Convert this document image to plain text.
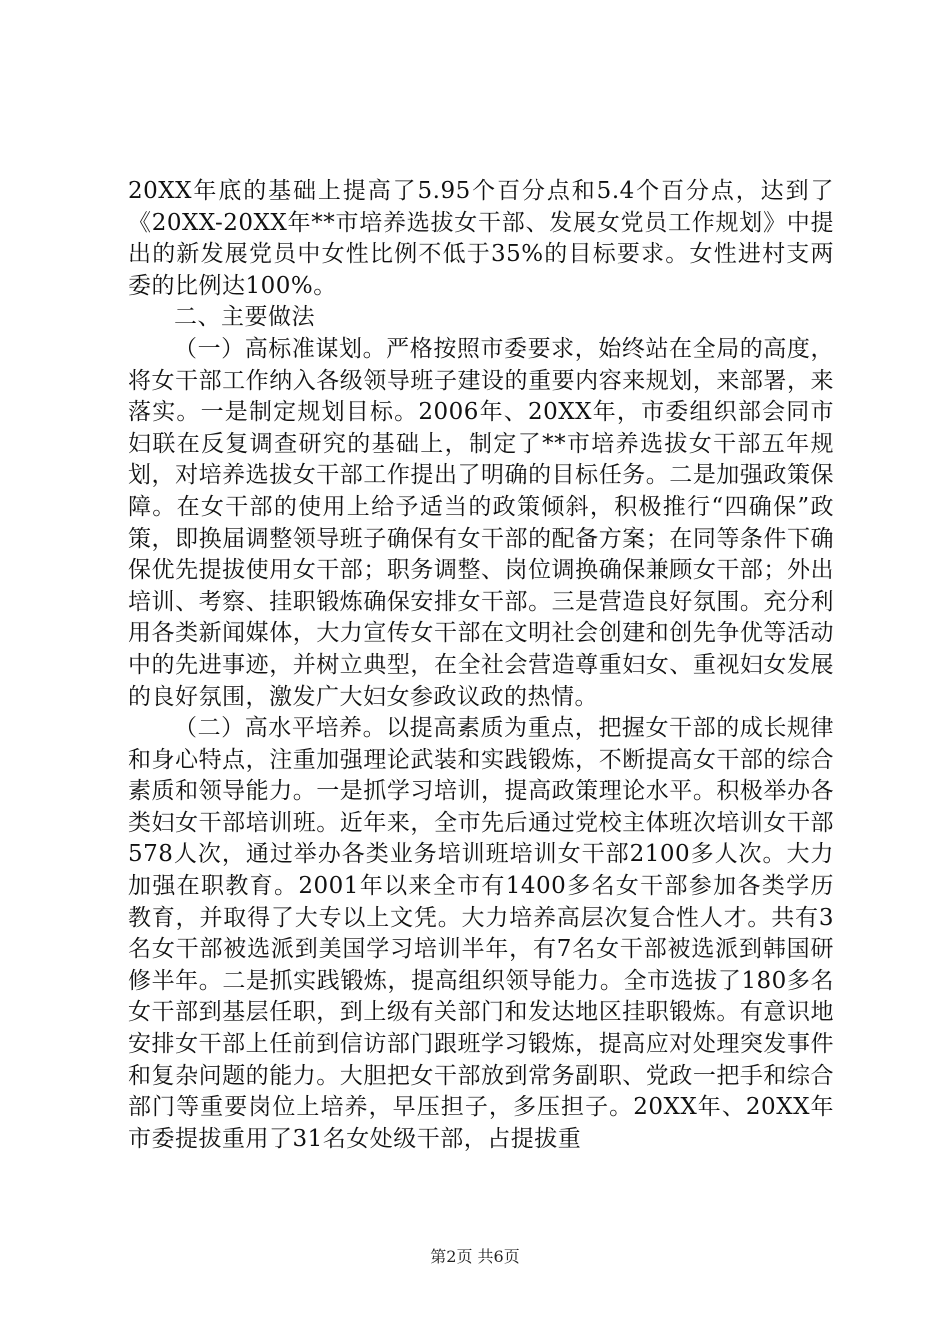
20XX年底的基础上提高了5.95个百分点和5.4个百分点，达到了《20XX-20XX年**市培养选拔女干部、发展女党员工作规划》中提出的新发展党员中女性比例不低于35%的目标要求。女性进村支两委的比例达100%。

二、主要做法

（一）高标准谋划。严格按照市委要求，始终站在全局的高度，将女干部工作纳入各级领导班子建设的重要内容来规划，来部署，来落实。一是制定规划目标。2006年、20XX年，市委组织部会同市妇联在反复调查研究的基础上，制定了**市培养选拔女干部五年规划，对培养选拔女干部工作提出了明确的目标任务。二是加强政策保障。在女干部的使用上给予适当的政策倾斜，积极推行“四确保”政策，即换届调整领导班子确保有女干部的配备方案；在同等条件下确保优先提拔使用女干部；职务调整、岗位调换确保兼顾女干部；外出培训、考察、挂职锻炼确保安排女干部。三是营造良好氛围。充分利用各类新闻媒体，大力宣传女干部在文明社会创建和创先争优等活动中的先进事迹，并树立典型，在全社会营造尊重妇女、重视妇女发展的良好氛围，激发广大妇女参政议政的热情。

（二）高水平培养。以提高素质为重点，把握女干部的成长规律和身心特点，注重加强理论武装和实践锻炼，不断提高女干部的综合素质和领导能力。一是抓学习培训，提高政策理论水平。积极举办各类妇女干部培训班。近年来，全市先后通过党校主体班次培训女干部578人次，通过举办各类业务培训班培训女干部2100多人次。大力加强在职教育。2001年以来全市有1400多名女干部参加各类学历教育，并取得了大专以上文凭。大力培养高层次复合性人才。共有3名女干部被选派到美国学习培训半年，有7名女干部被选派到韩国研修半年。二是抓实践锻炼，提高组织领导能力。全市选拔了180多名女干部到基层任职，到上级有关部门和发达地区挂职锻炼。有意识地安排女干部上任前到信访部门跟班学习锻炼，提高应对处理突发事件和复杂问题的能力。大胆把女干部放到常务副职、党政一把手和综合部门等重要岗位上培养，早压担子，多压担子。20XX年、20XX年市委提拔重用了31名女处级干部，占提拔重

第2页 共6页
